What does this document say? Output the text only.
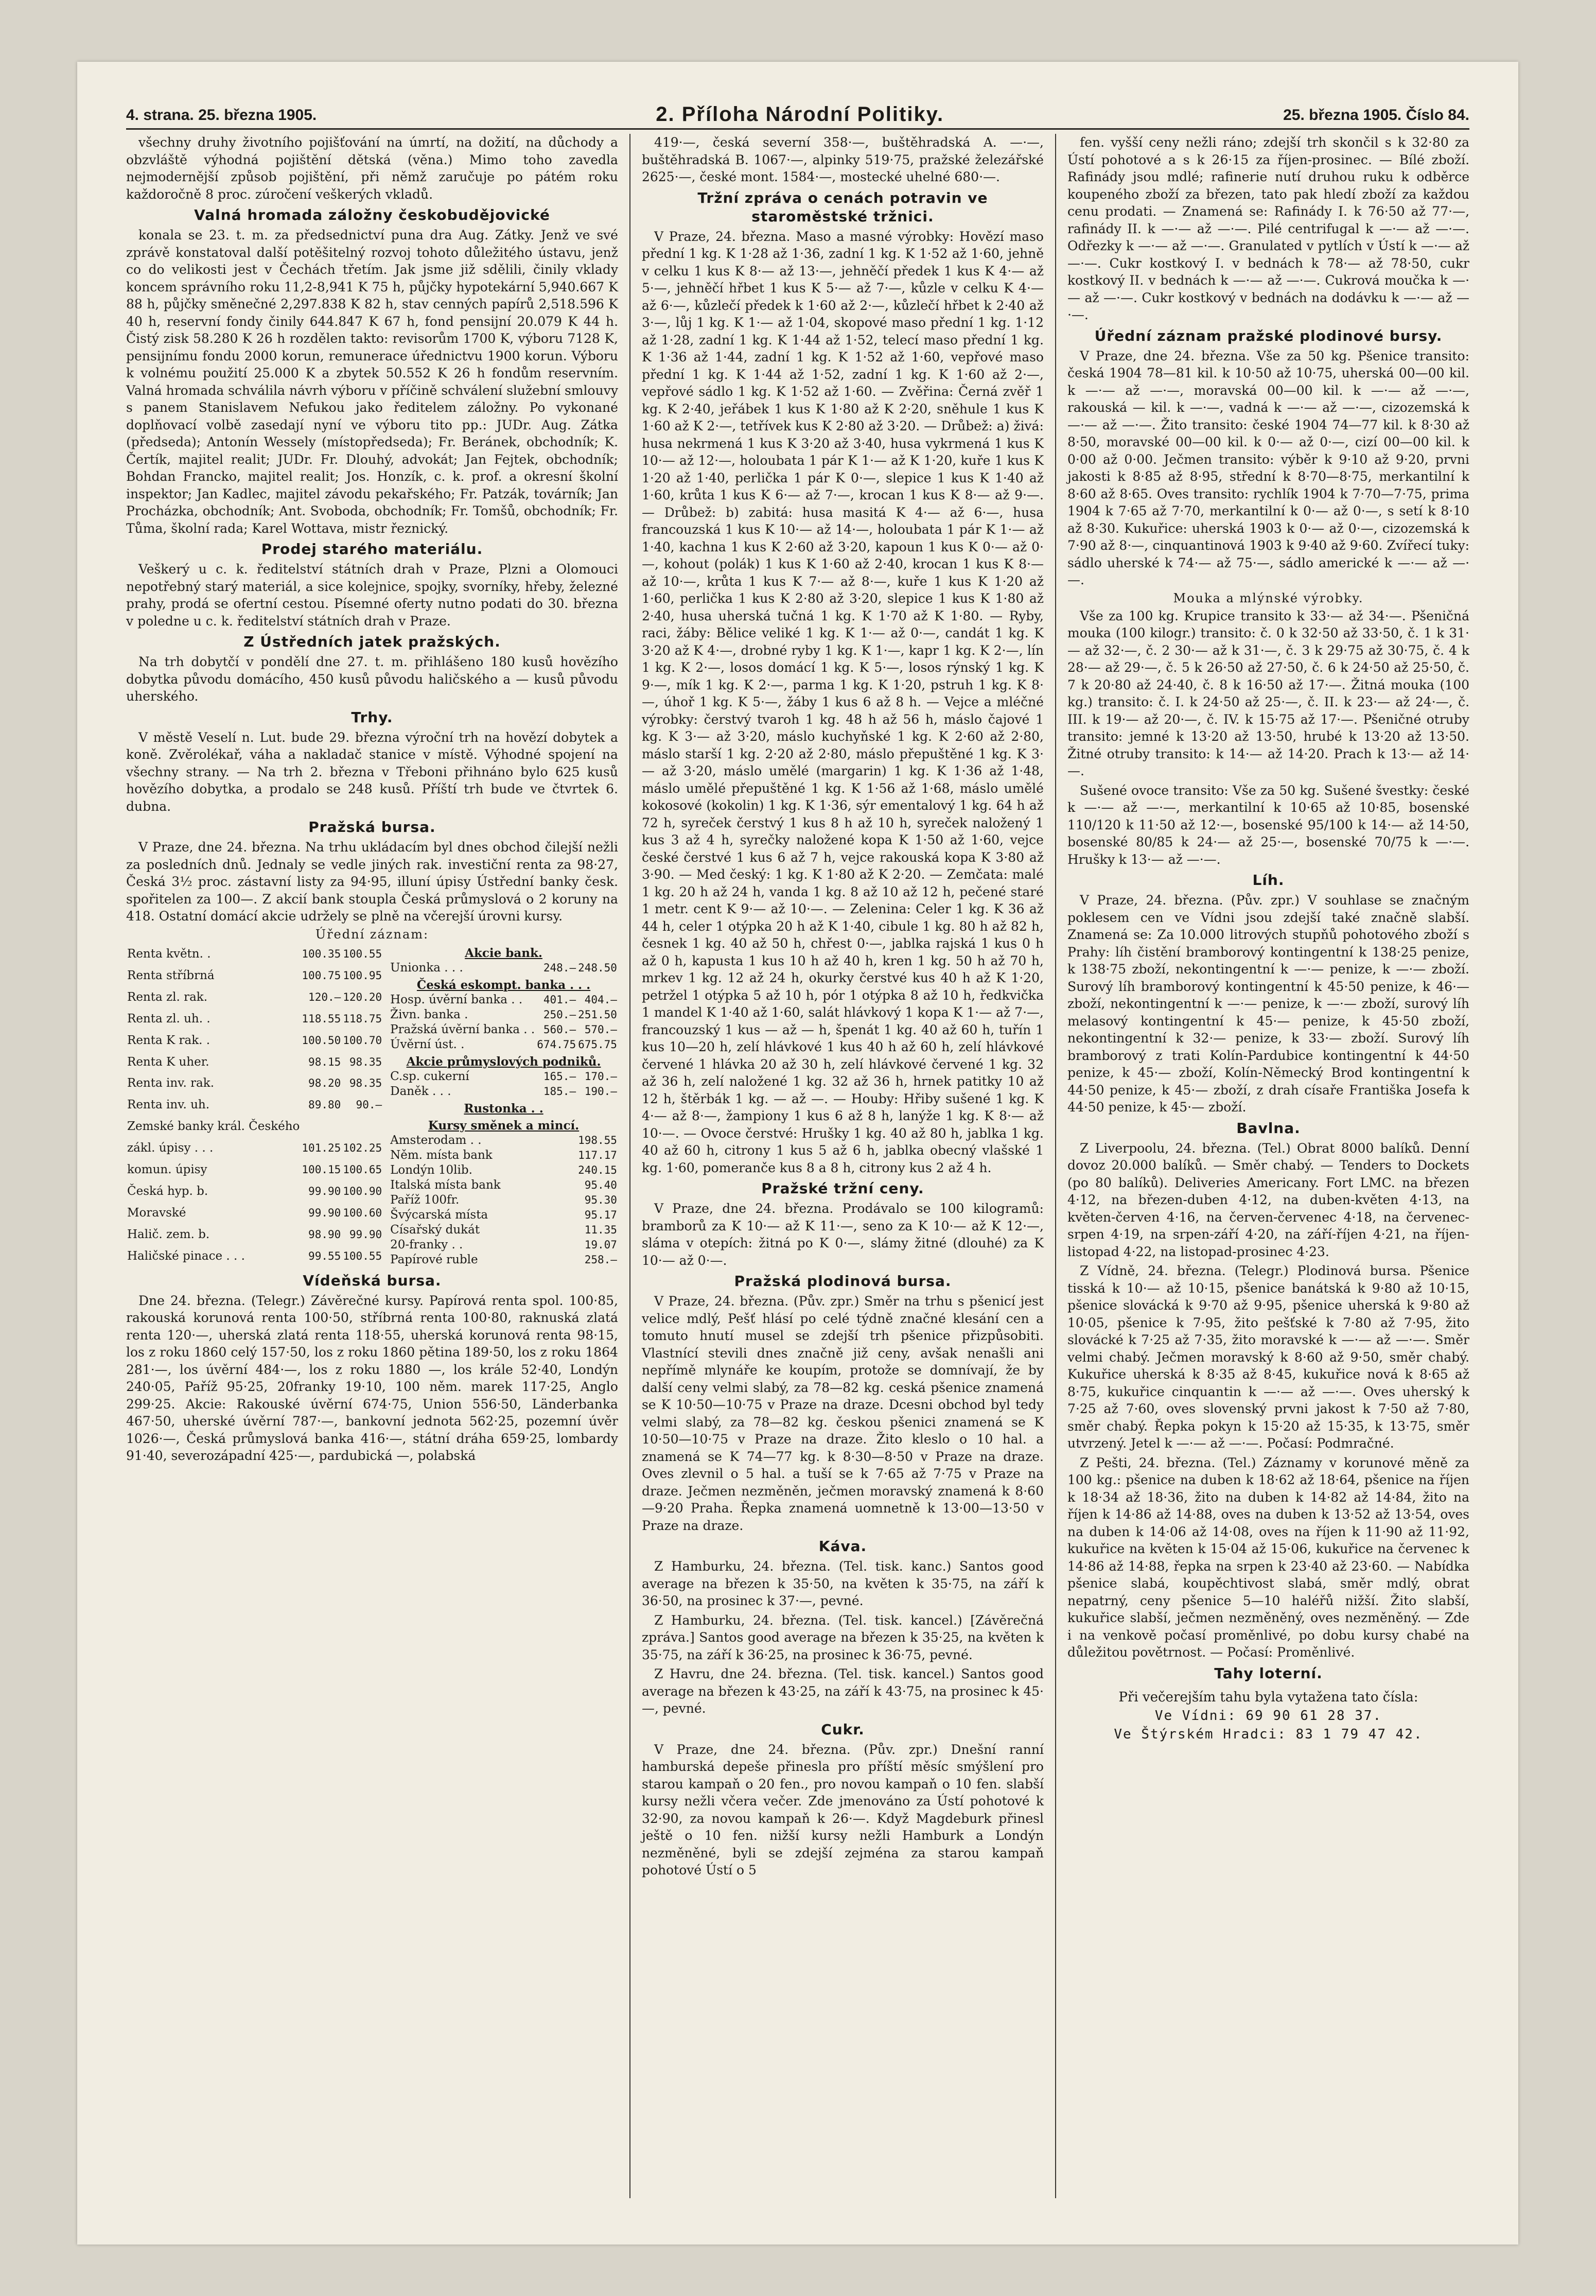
4. strana. 25. března 1905.	2. Příloha Národní Politiky.	25. března 1905. Číslo 84.

všechny druhy životního pojišťování na úmrtí, na dožití, na důchody a obzvláště výhodná pojištění dětská (věna.) Mimo toho zavedla nejmodernější způsob pojištění, při němž zaručuje po pátém roku každoročně 8 proc. zúročení veškerých vkladů.

Valná hromada záložny českobudějovické

konala se 23. t. m. za předsednictví puna dra Aug. Zátky. Jenž ve své zprávě konstatoval další potěšitelný rozvoj tohoto důležitého ústavu, jenž co do velikosti jest v Čechách třetím. Jak jsme již sdělili, činily vklady koncem správního roku 11,2-8,941 K 75 h, půjčky hypotekární 5,940.667 K 88 h, půjčky směnečné 2,297.838 K 82 h, stav cenných papírů 2,518.596 K 40 h, reservní fondy činily 644.847 K 67 h, fond pensijní 20.079 K 44 h. Čistý zisk 58.280 K 26 h rozdělen takto: revisorům 1700 K, výboru 7128 K, pensijnímu fondu 2000 korun, remunerace úřednictvu 1900 korun. Výboru k volnému použití 25.000 K a zbytek 50.552 K 26 h fondům reservním. Valná hromada schválila návrh výboru v příčině schválení služební smlouvy s panem Stanislavem Nefukou jako ředitelem záložny. Po vykonané doplňovací volbě zasedají nyní ve výboru tito pp.: JUDr. Aug. Zátka (předseda); Antonín Wessely (místopředseda); Fr. Beránek, obchodník; K. Čertík, majitel realit; JUDr. Fr. Dlouhý, advokát; Jan Fejtek, obchodník; Bohdan Francko, majitel realit; Jos. Honzík, c. k. prof. a okresní školní inspektor; Jan Kadlec, majitel závodu pekařského; Fr. Patzák, továrník; Jan Procházka, obchodník; Ant. Svoboda, obchodník; Fr. Tomšů, obchodník; Fr. Tůma, školní rada; Karel Wottava, mistr řeznický.

Prodej starého materiálu.

Veškerý u c. k. ředitelství státních drah v Praze, Plzni a Olomouci nepotřebný starý materiál, a sice kolejnice, spojky, svorníky, hřeby, železné prahy, prodá se ofertní cestou. Písemné oferty nutno podati do 30. března v poledne u c. k. ředitelství státních drah v Praze.

Z Ústředních jatek pražských.

Na trh dobytčí v pondělí dne 27. t. m. přihlášeno 180 kusů hovězího dobytka původu domácího, 450 kusů původu haličského a — kusů původu uherského.

Trhy.

V městě Veselí n. Lut. bude 29. března výroční trh na hovězí dobytek a koně. Zvěrolékař, váha a nakladač stanice v místě. Výhodné spojení na všechny strany. — Na trh 2. března v Třeboni přihnáno bylo 625 kusů hovězího dobytka, a prodalo se 248 kusů. Příští trh bude ve čtvrtek 6. dubna.

Pražská bursa.

V Praze, dne 24. března. Na trhu ukládacím byl dnes obchod čilejší nežli za posledních dnů. Jednaly se vedle jiných rak. investiční renta za 98·27, Česká 3½ proc. zástavní listy za 94·95, illuní úpisy Ústřední banky česk. spořitelen za 100—. Z akcií bank stoupla Česká průmyslová o 2 koruny na 418. Ostatní domácí akcie udržely se plně na včerejší úrovni kursy.

Úřední záznam:
Renta květn. .	100.35	100.55
Renta stříbrná	100.75	100.95
Renta zl. rak.	120.—	120.20
Renta zl. uh. .	118.55	118.75
Renta K rak. .	100.50	100.70
Renta K uher.	98.15	98.35
Renta inv. rak.	98.20	98.35
Renta inv. uh.	89.80	90.—
Zemské banky král. Českého		
zákl. úpisy . . .	101.25	102.25
komun. úpisy	100.15	100.65
Česká hyp. b.	99.90	100.90
Moravské	99.90	100.60
Halič. zem. b.	98.90	99.90
Haličské pinace . . .	99.55	100.55
Akcie bank.		
Unionka . . .	248.—	248.50
Česká eskompt. banka . . .		
Hosp. úvěrní banka . .	401.—	404.—
Živn. banka .	250.—	251.50
Pražská úvěrní banka . .	560.—	570.—
Úvěrní úst. .	674.75	675.75
Akcie průmyslových podniků.		
C.sp. cukerní	165.—	170.—
Daněk . . .	185.—	190.—
Rustonka . .		
Kursy směnek a mincí.		
Amsterodam . .		198.55
Něm. místa bank		117.17
Londýn 10lib.		240.15
Italská místa bank		95.40
Paříž 100fr.		95.30
Švýcarská místa		95.17
Císařský dukát		11.35
20-franky . .		19.07
Papírové ruble		258.—
Vídeňská bursa.

Dne 24. března. (Telegr.) Závěrečné kursy. Papírová renta spol. 100·85, rakouská korunová renta 100·50, stříbrná renta 100·80, raknuská zlatá renta 120·—, uherská zlatá renta 118·55, uherská korunová renta 98·15, los z roku 1860 celý 157·50, los z roku 1860 pětina 189·50, los z roku 1864 281·—, los úvěrní 484·—, los z roku 1880 —, los krále 52·40, Londýn 240·05, Paříž 95·25, 20franky 19·10, 100 něm. marek 117·25, Anglo 299·25. Akcie: Rakouské úvěrní 674·75, Union 556·50, Länderbanka 467·50, uherské úvěrní 787·—, bankovní jednota 562·25, pozemní úvěr 1026·—, Česká průmyslová banka 416·—, státní dráha 659·25, lombardy 91·40, severozápadní 425·—, pardubická —, polabská

419·—, česká severní 358·—, buštěhradská A. —·—, buštěhradská B. 1067·—, alpinky 519·75, pražské železářské 2625·—, české mont. 1584·—, mostecké uhelné 680·—.

Tržní zpráva o cenách potravin ve staroměstské tržnici.

V Praze, 24. března. Maso a masné výrobky: Hovězí maso přední 1 kg. K 1·28 až 1·36, zadní 1 kg. K 1·52 až 1·60, jehně v celku 1 kus K 8·— až 13·—, jehněčí předek 1 kus K 4·— až 5·—, jehněčí hřbet 1 kus K 5·— až 7·—, kůzle v celku K 4·— až 6·—, kůzlečí předek k 1·60 až 2·—, kůzlečí hřbet k 2·40 až 3·—, lůj 1 kg. K 1·— až 1·04, skopové maso přední 1 kg. 1·12 až 1·28, zadní 1 kg. K 1·44 až 1·52, telecí maso přední 1 kg. K 1·36 až 1·44, zadní 1 kg. K 1·52 až 1·60, vepřové maso přední 1 kg. K 1·44 až 1·52, zadní 1 kg. K 1·60 až 2·—, vepřové sádlo 1 kg. K 1·52 až 1·60. — Zvěřina: Černá zvěř 1 kg. K 2·40, jeřábek 1 kus K 1·80 až K 2·20, sněhule 1 kus K 1·60 až K 2·—, tetřívek kus K 2·80 až 3·20. — Drůbež: a) živá: husa nekrmená 1 kus K 3·20 až 3·40, husa vykrmená 1 kus K 10·— až 12·—, holoubata 1 pár K 1·— až K 1·20, kuře 1 kus K 1·20 až 1·40, perlička 1 pár K 0·—, slepice 1 kus K 1·40 až 1·60, krůta 1 kus K 6·— až 7·—, krocan 1 kus K 8·— až 9·—. — Drůbež: b) zabitá: husa masitá K 4·— až 6·—, husa francouzská 1 kus K 10·— až 14·—, holoubata 1 pár K 1·— až 1·40, kachna 1 kus K 2·60 až 3·20, kapoun 1 kus K 0·— až 0·—, kohout (polák) 1 kus K 1·60 až 2·40, krocan 1 kus K 8·— až 10·—, krůta 1 kus K 7·— až 8·—, kuře 1 kus K 1·20 až 1·60, perlička 1 kus K 2·80 až 3·20, slepice 1 kus K 1·80 až 2·40, husa uherská tučná 1 kg. K 1·70 až K 1·80. — Ryby, raci, žáby: Bělice veliké 1 kg. K 1·— až 0·—, candát 1 kg. K 3·20 až K 4·—, drobné ryby 1 kg. K 1·—, kapr 1 kg. K 2·—, lín 1 kg. K 2·—, losos domácí 1 kg. K 5·—, losos rýnský 1 kg. K 9·—, mík 1 kg. K 2·—, parma 1 kg. K 1·20, pstruh 1 kg. K 8·—, úhoř 1 kg. K 5·—, žáby 1 kus 6 až 8 h. — Vejce a mléčné výrobky: čerstvý tvaroh 1 kg. 48 h až 56 h, máslo čajové 1 kg. K 3·— až 3·20, máslo kuchyňské 1 kg. K 2·60 až 2·80, máslo starší 1 kg. 2·20 až 2·80, máslo přepuštěné 1 kg. K 3·— až 3·20, máslo umělé (margarin) 1 kg. K 1·36 až 1·48, máslo umělé přepuštěné 1 kg. K 1·56 až 1·68, máslo umělé kokosové (kokolin) 1 kg. K 1·36, sýr ementalový 1 kg. 64 h až 72 h, syreček čerstvý 1 kus 8 h až 10 h, syreček naložený 1 kus 3 až 4 h, syrečky naložené kopa K 1·50 až 1·60, vejce české čerstvé 1 kus 6 až 7 h, vejce rakouská kopa K 3·80 až 3·90. — Med český: 1 kg. K 1·80 až K 2·20. — Zemčata: malé 1 kg. 20 h až 24 h, vanda 1 kg. 8 až 10 až 12 h, pečené staré 1 metr. cent K 9·— až 10·—. — Zelenina: Celer 1 kg. K 36 až 44 h, celer 1 otýpka 20 h až K 1·40, cibule 1 kg. 80 h až 82 h, česnek 1 kg. 40 až 50 h, chřest 0·—, jablka rajská 1 kus 0 h až 0 h, kapusta 1 kus 10 h až 40 h, kren 1 kg. 50 h až 70 h, mrkev 1 kg. 12 až 24 h, okurky čerstvé kus 40 h až K 1·20, petržel 1 otýpka 5 až 10 h, pór 1 otýpka 8 až 10 h, ředkvička 1 mandel K 1·40 až 1·60, salát hlávkový 1 kopa K 1·— až 7·—, francouzský 1 kus — až — h, špenát 1 kg. 40 až 60 h, tuřín 1 kus 10—20 h, zelí hlávkové 1 kus 40 h až 60 h, zelí hlávkové červené 1 hlávka 20 až 30 h, zelí hlávkové červené 1 kg. 32 až 36 h, zelí naložené 1 kg. 32 až 36 h, hrnek patitky 10 až 12 h, štěrbák 1 kg. — až —. — Houby: Hřiby sušené 1 kg. K 4·— až 8·—, žampiony 1 kus 6 až 8 h, lanýže 1 kg. K 8·— až 10·—. — Ovoce čerstvé: Hrušky 1 kg. 40 až 80 h, jablka 1 kg. 40 až 60 h, citrony 1 kus 5 až 6 h, jablka obecný vlašské 1 kg. 1·60, pomeranče kus 8 a 8 h, citrony kus 2 až 4 h.

Pražské tržní ceny.

V Praze, dne 24. března. Prodávalo se 100 kilogramů: bramborů za K 10·— až K 11·—, seno za K 10·— až K 12·—, sláma v otepích: žitná po K 0·—, slámy žitné (dlouhé) za K 10·— až 0·—.

Pražská plodinová bursa.

V Praze, 24. března. (Pův. zpr.) Směr na trhu s pšenicí jest velice mdlý, Pešť hlásí po celé týdně značné klesání cen a tomuto hnutí musel se zdejší trh pšenice přizpůsobiti. Vlastnící stevili dnes značně již ceny, avšak nenašli ani nepřímě mlynáře ke koupím, protože se domnívají, že by další ceny velmi slabý, za 78—82 kg. ceská pšenice znamená se K 10·50—10·75 v Praze na draze. Dcesni obchod byl tedy velmi slabý, za 78—82 kg. českou pšenici znamená se K 10·50—10·75 v Praze na draze. Žito kleslo o 10 hal. a znamená se K 74—77 kg. k 8·30—8·50 v Praze na draze. Oves zlevnil o 5 hal. a tuší se k 7·65 až 7·75 v Praze na draze. Ječmen nezměněn, ječmen moravský znamená k 8·60—9·20 Praha. Řepka znamená uomnetně k 13·00—13·50 v Praze na draze.

Káva.

Z Hamburku, 24. března. (Tel. tisk. kanc.) Santos good average na březen k 35·50, na květen k 35·75, na září k 36·50, na prosinec k 37·—, pevné.

Z Hamburku, 24. března. (Tel. tisk. kancel.) [Závěrečná zpráva.] Santos good average na březen k 35·25, na květen k 35·75, na září k 36·25, na prosinec k 36·75, pevné.

Z Havru, dne 24. března. (Tel. tisk. kancel.) Santos good average na březen k 43·25, na září k 43·75, na prosinec k 45·—, pevné.

Cukr.

V Praze, dne 24. března. (Pův. zpr.) Dnešní ranní hamburská depeše přinesla pro příští měsíc smýšlení pro starou kampaň o 20 fen., pro novou kampaň o 10 fen. slabší kursy nežli včera večer. Zde jmenováno za Ústí pohotové k 32·90, za novou kampaň k 26·—. Když Magdeburk přinesl ještě o 10 fen. nižší kursy nežli Hamburk a Londýn nezměněné, byli se zdejší zejména za starou kampaň pohotové Ústí o 5

fen. vyšší ceny nežli ráno; zdejší trh skončil s k 32·80 za Ústí pohotové a s k 26·15 za říjen-prosinec. — Bílé zboží. Rafinády jsou mdlé; rafinerie nutí druhou ruku k odběrce koupeného zboží za březen, tato pak hledí zboží za každou cenu prodati. — Znamená se: Rafinády I. k 76·50 až 77·—, rafinády II. k —·— až —·—. Pilé centrifugal k —·— až —·—. Odřezky k —·— až —·—. Granulated v pytlích v Ústí k —·— až —·—. Cukr kostkový I. v bednách k 78·— až 78·50, cukr kostkový II. v bednách k —·— až —·—. Cukrová moučka k —·— až —·—. Cukr kostkový v bednách na dodávku k —·— až —·—.

Úřední záznam pražské plodinové bursy.

V Praze, dne 24. března. Vše za 50 kg. Pšenice transito: česká 1904 78—81 kil. k 10·50 až 10·75, uherská 00—00 kil. k —·— až —·—, moravská 00—00 kil. k —·— až —·—, rakouská — kil. k —·—, vadná k —·— až —·—, cizozemská k —·— až —·—. Žito transito: české 1904 74—77 kil. k 8·30 až 8·50, moravské 00—00 kil. k 0·— až 0·—, cizí 00—00 kil. k 0·00 až 0·00. Ječmen transito: výběr k 9·10 až 9·20, prvni jakosti k 8·85 až 8·95, střední k 8·70—8·75, merkantilní k 8·60 až 8·65. Oves transito: rychlík 1904 k 7·70—7·75, prima 1904 k 7·65 až 7·70, merkantilní k 0·— až 0·—, s setí k 8·10 až 8·30. Kukuřice: uherská 1903 k 0·— až 0·—, cizozemská k 7·90 až 8·—, cinquantinová 1903 k 9·40 až 9·60. Zvířecí tuky: sádlo uherské k 74·— až 75·—, sádlo americké k —·— až —·—.

Mouka a mlýnské výrobky.

Vše za 100 kg. Krupice transito k 33·— až 34·—. Pšeničná mouka (100 kilogr.) transito: č. 0 k 32·50 až 33·50, č. 1 k 31·— až 32·—, č. 2 30·— až k 31·—, č. 3 k 29·75 až 30·75, č. 4 k 28·— až 29·—, č. 5 k 26·50 až 27·50, č. 6 k 24·50 až 25·50, č. 7 k 20·80 až 24·40, č. 8 k 16·50 až 17·—. Žitná mouka (100 kg.) transito: č. I. k 24·50 až 25·—, č. II. k 23·— až 24·—, č. III. k 19·— až 20·—, č. IV. k 15·75 až 17·—. Pšeničné otruby transito: jemné k 13·20 až 13·50, hrubé k 13·20 až 13·50. Žitné otruby transito: k 14·— až 14·20. Prach k 13·— až 14·—.

Sušené ovoce transito: Vše za 50 kg. Sušené švestky: české k —·— až —·—, merkantilní k 10·65 až 10·85, bosenské 110/120 k 11·50 až 12·—, bosenské 95/100 k 14·— až 14·50, bosenské 80/85 k 24·— až 25·—, bosenské 70/75 k —·—. Hrušky k 13·— až —·—.

Líh.

V Praze, 24. března. (Pův. zpr.) V souhlase se značným poklesem cen ve Vídni jsou zdejší také značně slabší. Znamená se: Za 10.000 litrových stupňů pohotového zboží s Prahy: líh čistění bramborový kontingentní k 138·25 penize, k 138·75 zboží, nekontingentní k —·— penize, k —·— zboží. Surový líh bramborový kontingentní k 45·50 penize, k 46·— zboží, nekontingentní k —·— penize, k —·— zboží, surový líh melasový kontingentní k 45·— penize, k 45·50 zboží, nekontingentní k 32·— penize, k 33·— zboží. Surový líh bramborový z trati Kolín-Pardubice kontingentní k 44·50 penize, k 45·— zboží, Kolín-Německý Brod kontingentní k 44·50 penize, k 45·— zboží, z drah císaře Františka Josefa k 44·50 penize, k 45·— zboží.

Bavlna.

Z Liverpoolu, 24. března. (Tel.) Obrat 8000 balíků. Denní dovoz 20.000 balíků. — Směr chabý. — Tenders to Dockets (po 80 balíků). Deliveries Americany. Fort LMC. na březen 4·12, na březen-duben 4·12, na duben-květen 4·13, na květen-červen 4·16, na červen-červenec 4·18, na červenec-srpen 4·19, na srpen-září 4·20, na září-říjen 4·21, na říjen-listopad 4·22, na listopad-prosinec 4·23.

Z Vídně, 24. března. (Telegr.) Plodinová bursa. Pšenice tisská k 10·— až 10·15, pšenice banátská k 9·80 až 10·15, pšenice slovácká k 9·70 až 9·95, pšenice uherská k 9·80 až 10·05, pšenice k 7·95, žito pešťské k 7·80 až 7·95, žito slovácké k 7·25 až 7·35, žito moravské k —·— až —·—. Směr velmi chabý. Ječmen moravský k 8·60 až 9·50, směr chabý. Kukuřice uherská k 8·35 až 8·45, kukuřice nová k 8·65 až 8·75, kukuřice cinquantin k —·— až —·—. Oves uherský k 7·25 až 7·60, oves slovenský prvni jakost k 7·50 až 7·80, směr chabý. Řepka pokyn k 15·20 až 15·35, k 13·75, směr utvrzený. Jetel k —·— až —·—. Počasí: Podmračné.

Z Pešti, 24. března. (Tel.) Záznamy v korunové měně za 100 kg.: pšenice na duben k 18·62 až 18·64, pšenice na říjen k 18·34 až 18·36, žito na duben k 14·82 až 14·84, žito na říjen k 14·86 až 14·88, oves na duben k 13·52 až 13·54, oves na duben k 14·06 až 14·08, oves na říjen k 11·90 až 11·92, kukuřice na květen k 15·04 až 15·06, kukuřice na červenec k 14·86 až 14·88, řepka na srpen k 23·40 až 23·60. — Nabídka pšenice slabá, koupěchtivost slabá, směr mdlý, obrat nepatrný, ceny pšenice 5—10 haléřů nižší. Žito slabší, kukuřice slabší, ječmen nezměněný, oves nezměněný. — Zde i na venkově počasí proměnlivé, po dobu kursy chabé na důležitou povětrnost. — Počasí: Proměnlivé.

Tahy loterní.
Při večerejším tahu byla vytažena tato čísla:
Ve Vídni: 69 90 61 28 37.
Ve Štýrském Hradci: 83 1 79 47 42.
